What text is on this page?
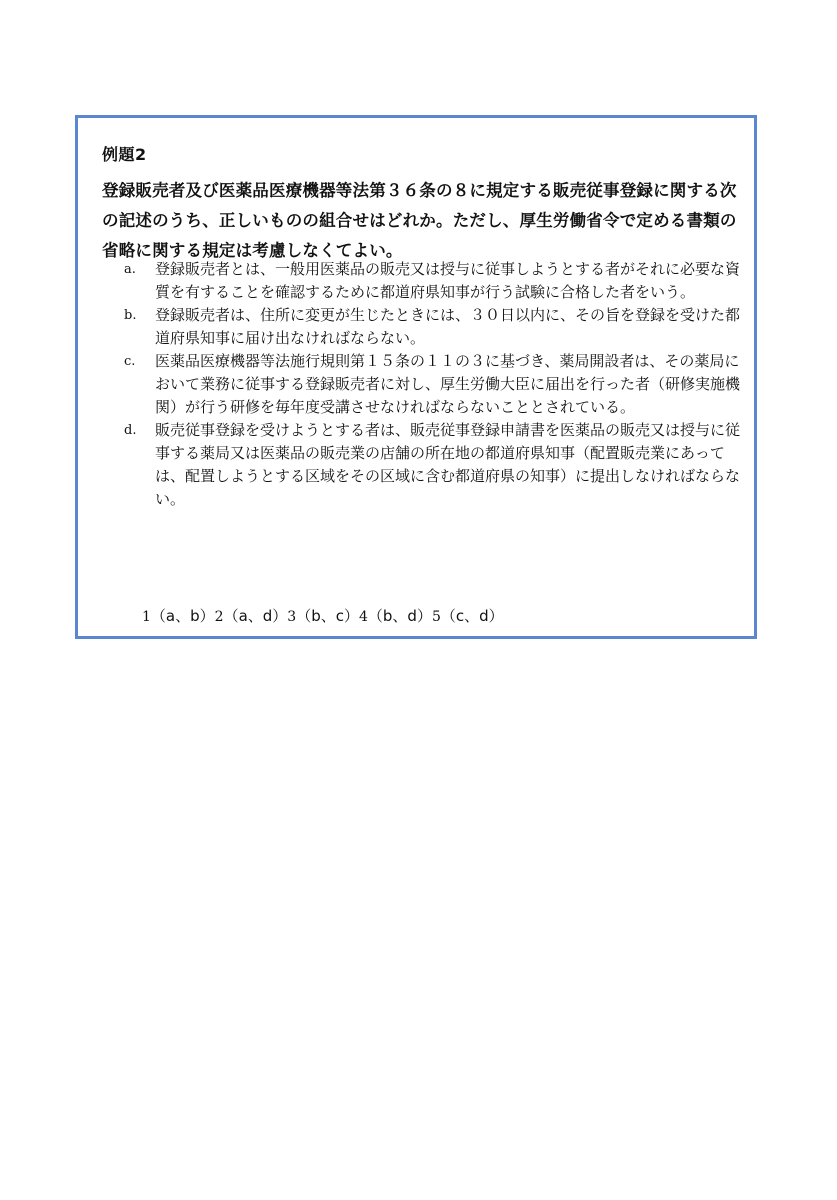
例題2
登録販売者及び医薬品医療機器等法第３６条の８に規定する販売従事登録に関する次の記述のうち、正しいものの組合せはどれか。ただし、厚生労働省令で定める書類の省略に関する規定は考慮しなくてよい。
a. 登録販売者とは、一般用医薬品の販売又は授与に従事しようとする者がそれに必要な資質を有することを確認するために都道府県知事が行う試験に合格した者をいう。
b. 登録販売者は、住所に変更が生じたときには、３０日以内に、その旨を登録を受けた都道府県知事に届け出なければならない。
c. 医薬品医療機器等法施行規則第１５条の１１の３に基づき、薬局開設者は、その薬局において業務に従事する登録販売者に対し、厚生労働大臣に届出を行った者（研修実施機関）が行う研修を毎年度受講させなければならないこととされている。
d. 販売従事登録を受けようとする者は、販売従事登録申請書を医薬品の販売又は授与に従事する薬局又は医薬品の販売業の店舗の所在地の都道府県知事（配置販売業にあっては、配置しようとする区域をその区域に含む都道府県の知事）に提出しなければならない。
1（a、b） 2（a、d） 3（b、c） 4（b、d） 5（c、d）
